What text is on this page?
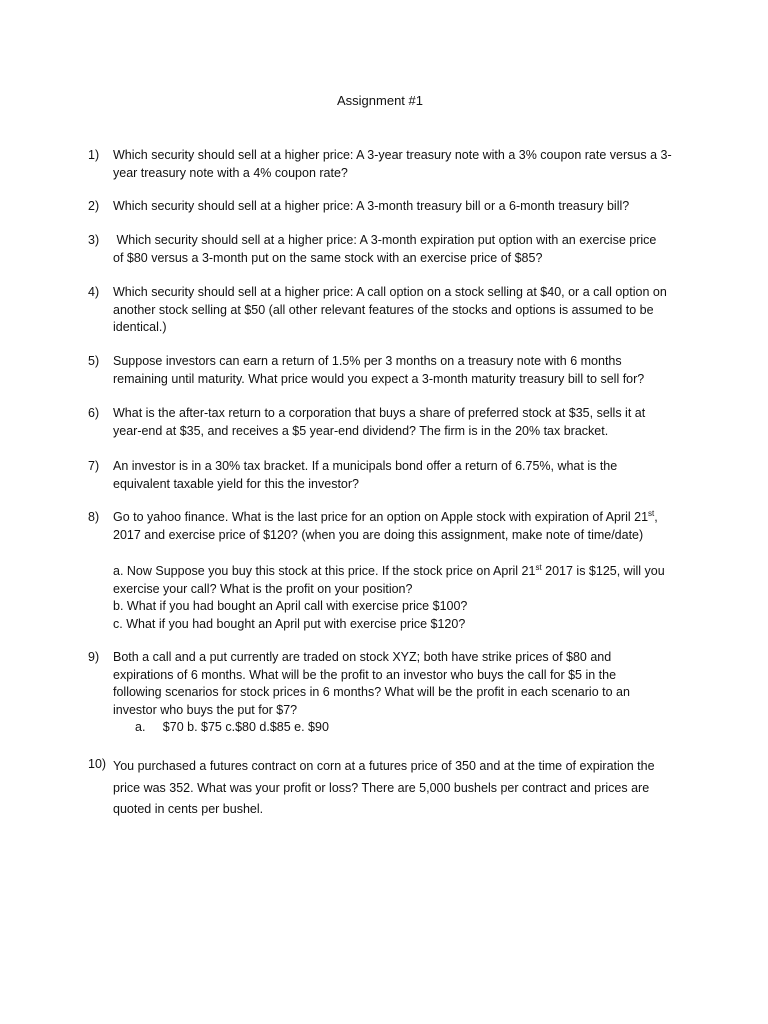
Assignment #1
1)	Which security should sell at a higher price: A 3-year treasury note with a 3% coupon rate versus a 3-
year treasury note with a 4% coupon rate?
2)	Which security should sell at a higher price: A 3-month treasury bill or a 6-month treasury bill?
3)	Which security should sell at a higher price: A 3-month expiration put option with an exercise price
of $80 versus a 3-month put on the same stock with an exercise price of $85?
4)	Which security should sell at a higher price: A call option on a stock selling at $40, or a call option on
another stock selling at $50 (all other relevant features of the stocks and options is assumed to be
identical.)
5)	Suppose investors can earn a return of 1.5% per 3 months on a treasury note with 6 months
remaining until maturity. What price would you expect a 3-month maturity treasury bill to sell for?
6)	What is the after-tax return to a corporation that buys a share of preferred stock at $35, sells it at
year-end at $35, and receives a $5 year-end dividend? The firm is in the 20% tax bracket.
7)	An investor is in a 30% tax bracket. If a municipals bond offer a return of 6.75%, what is the
equivalent taxable yield for this the investor?
8)	Go to yahoo finance. What is the last price for an option on Apple stock with expiration of April 21st,
2017 and exercise price of $120? (when you are doing this assignment, make note of time/date)
a. Now Suppose you buy this stock at this price. If the stock price on April 21st 2017 is $125, will you
exercise your call? What is the profit on your position?
b. What if you had bought an April call with exercise price $100?
c. What if you had bought an April put with exercise price $120?
9)	Both a call and a put currently are traded on stock XYZ; both have strike prices of $80 and
expirations of 6 months. What will be the profit to an investor who buys the call for $5 in the
following scenarios for stock prices in 6 months? What will be the profit in each scenario to an
investor who buys the put for $7?
a.     $70 b. $75 c.$80 d.$85 e. $90
10) You purchased a futures contract on corn at a futures price of 350 and at the time of expiration the
price was 352. What was your profit or loss? There are 5,000 bushels per contract and prices are
quoted in cents per bushel.
